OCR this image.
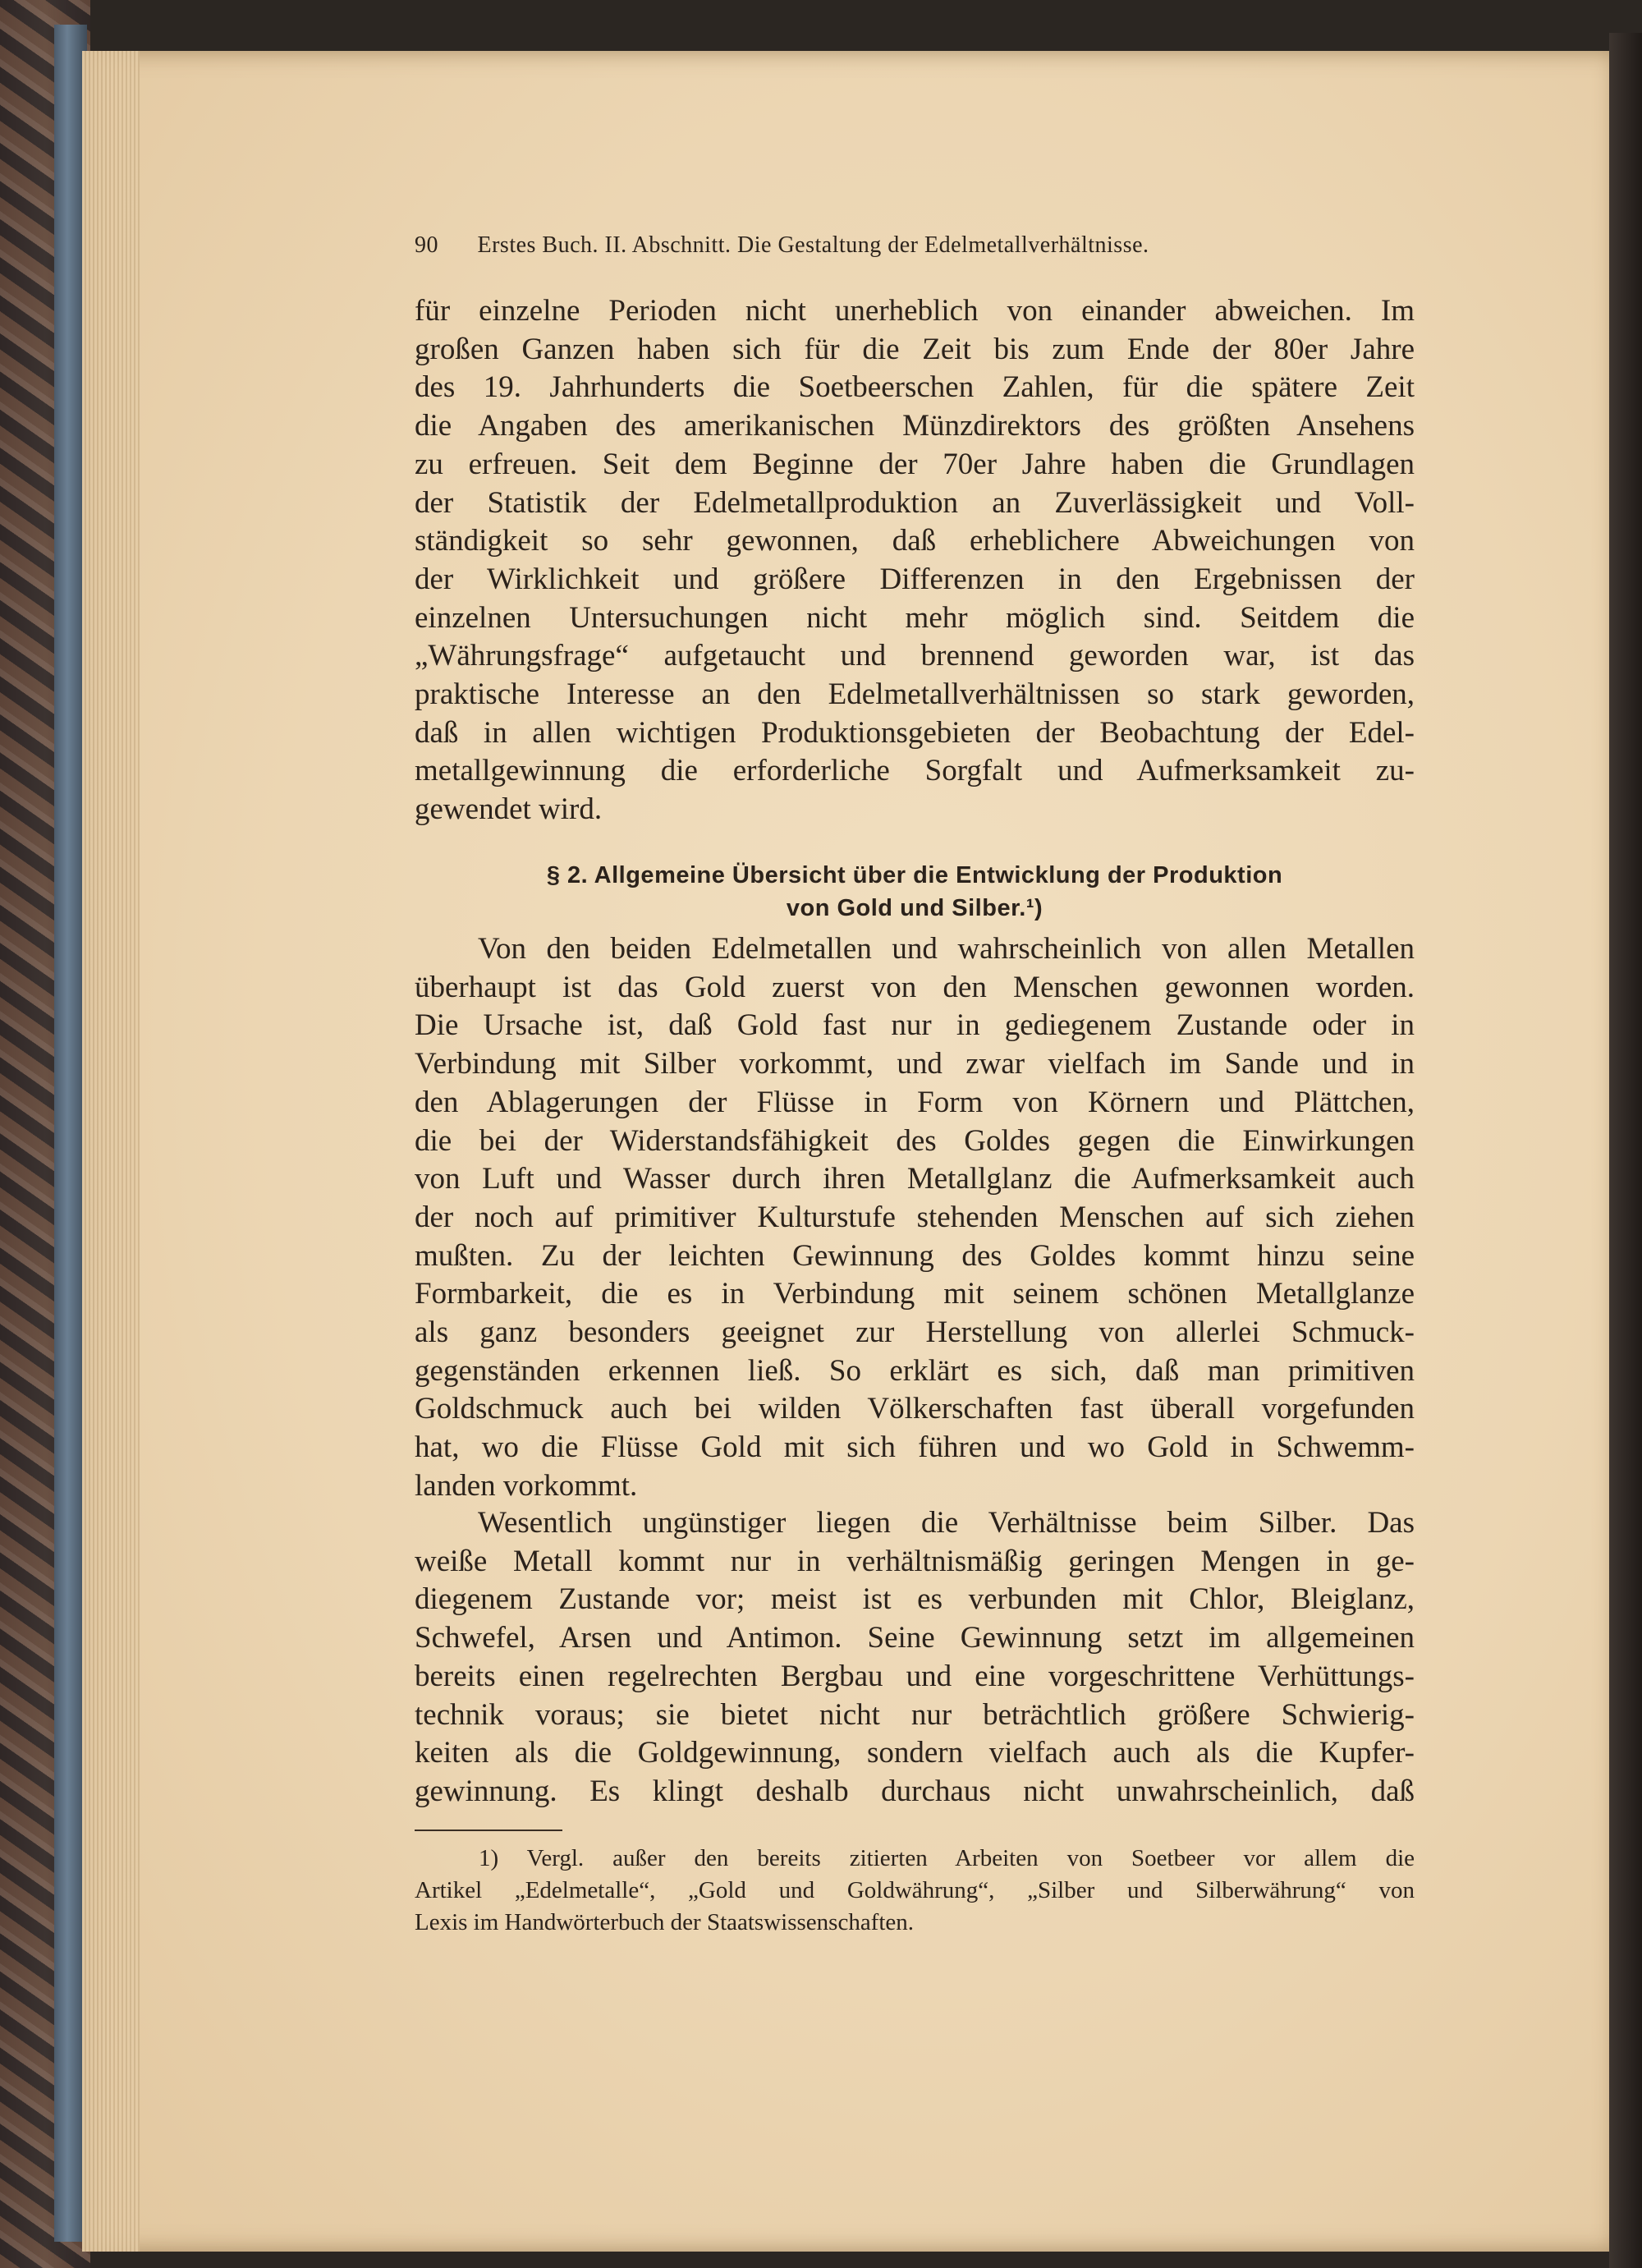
90 Erstes Buch. II. Abschnitt. Die Gestaltung der Edelmetallverhältnisse.
für einzelne Perioden nicht unerheblich von einander abweichen. Im
großen Ganzen haben sich für die Zeit bis zum Ende der 80er Jahre
des 19. Jahrhunderts die Soetbeerschen Zahlen, für die spätere Zeit
die Angaben des amerikanischen Münzdirektors des größten Ansehens
zu erfreuen. Seit dem Beginne der 70er Jahre haben die Grundlagen
der Statistik der Edelmetallproduktion an Zuverlässigkeit und Voll-
ständigkeit so sehr gewonnen, daß erheblichere Abweichungen von
der Wirklichkeit und größere Differenzen in den Ergebnissen der
einzelnen Untersuchungen nicht mehr möglich sind. Seitdem die
„Währungsfrage“ aufgetaucht und brennend geworden war, ist das
praktische Interesse an den Edelmetallverhältnissen so stark geworden,
daß in allen wichtigen Produktionsgebieten der Beobachtung der Edel-
metallgewinnung die erforderliche Sorgfalt und Aufmerksamkeit zu-
gewendet wird.
§ 2. Allgemeine Übersicht über die Entwicklung der Produktion
von Gold und Silber.¹)
Von den beiden Edelmetallen und wahrscheinlich von allen Metallen
überhaupt ist das Gold zuerst von den Menschen gewonnen worden.
Die Ursache ist, daß Gold fast nur in gediegenem Zustande oder in
Verbindung mit Silber vorkommt, und zwar vielfach im Sande und in
den Ablagerungen der Flüsse in Form von Körnern und Plättchen,
die bei der Widerstandsfähigkeit des Goldes gegen die Einwirkungen
von Luft und Wasser durch ihren Metallglanz die Aufmerksamkeit auch
der noch auf primitiver Kulturstufe stehenden Menschen auf sich ziehen
mußten. Zu der leichten Gewinnung des Goldes kommt hinzu seine
Formbarkeit, die es in Verbindung mit seinem schönen Metallglanze
als ganz besonders geeignet zur Herstellung von allerlei Schmuck-
gegenständen erkennen ließ. So erklärt es sich, daß man primitiven
Goldschmuck auch bei wilden Völkerschaften fast überall vorgefunden
hat, wo die Flüsse Gold mit sich führen und wo Gold in Schwemm-
landen vorkommt.
Wesentlich ungünstiger liegen die Verhältnisse beim Silber. Das
weiße Metall kommt nur in verhältnismäßig geringen Mengen in ge-
diegenem Zustande vor; meist ist es verbunden mit Chlor, Bleiglanz,
Schwefel, Arsen und Antimon. Seine Gewinnung setzt im allgemeinen
bereits einen regelrechten Bergbau und eine vorgeschrittene Verhüttungs-
technik voraus; sie bietet nicht nur beträchtlich größere Schwierig-
keiten als die Goldgewinnung, sondern vielfach auch als die Kupfer-
gewinnung. Es klingt deshalb durchaus nicht unwahrscheinlich, daß
1) Vergl. außer den bereits zitierten Arbeiten von Soetbeer vor allem die
Artikel „Edelmetalle“, „Gold und Goldwährung“, „Silber und Silberwährung“ von
Lexis im Handwörterbuch der Staatswissenschaften.
